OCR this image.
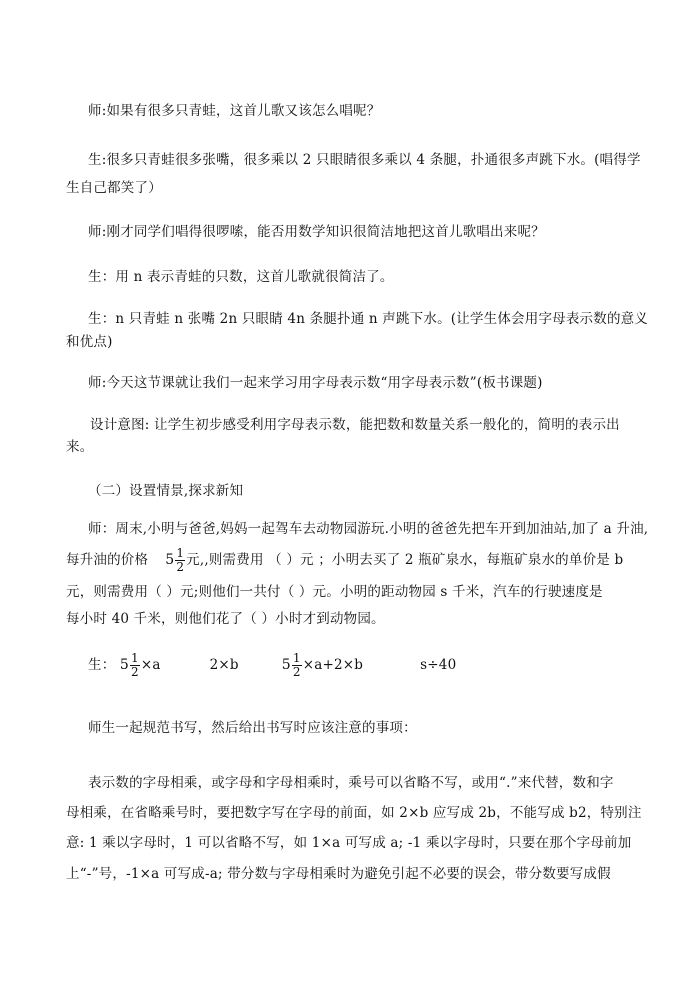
师:如果有很多只青蛙，这首儿歌又该怎么唱呢？
生:很多只青蛙很多张嘴，很多乘以 2 只眼睛很多乘以 4 条腿，扑通很多声跳下水。(唱得学
生自己都笑了）
师:刚才同学们唱得很啰嗦，能否用数学知识很简洁地把这首儿歌唱出来呢？
生：用 n 表示青蛙的只数，这首儿歌就很简洁了。
生：n 只青蛙 n 张嘴 2n 只眼睛 4n 条腿扑通 n 声跳下水。(让学生体会用字母表示数的意义
和优点)
师:今天这节课就让我们一起来学习用字母表示数“用字母表示数”(板书课题)
设计意图: 让学生初步感受利用字母表示数，能把数和数量关系一般化的，简明的表示出
来。
（二）设置情景,探求新知
师：周末,小明与爸爸,妈妈一起驾车去动物园游玩.小明的爸爸先把车开到加油站,加了 a 升油,
每升油的价格 $5 \frac{1}{2}$ 元,,则需费用 （ ）元 ；小明去买了 2 瓶矿泉水，每瓶矿泉水的单价是 b
元，则需费用（ ）元;则他们一共付（ ）元。小明的距动物园 s 千米，汽车的行驶速度是
每小时 40 千米，则他们花了（ ）小时才到动物园。
生： $5 \frac{1}{2} \times a$	2×b	$5 \frac{1}{2} \times a+2\times b$	s÷40
师生一起规范书写，然后给出书写时应该注意的事项：
表示数的字母相乘，或字母和字母相乘时，乘号可以省略不写，或用“.”来代替，数和字
母相乘，在省略乘号时，要把数字写在字母的前面，如 2×b 应写成 2b，不能写成 b2，特别注
意: 1 乘以字母时，1 可以省略不写，如 1×a 可写成 a; -1 乘以字母时，只要在那个字母前加
上“-”号，-1×a 可写成-a; 带分数与字母相乘时为避免引起不必要的误会，带分数要写成假
